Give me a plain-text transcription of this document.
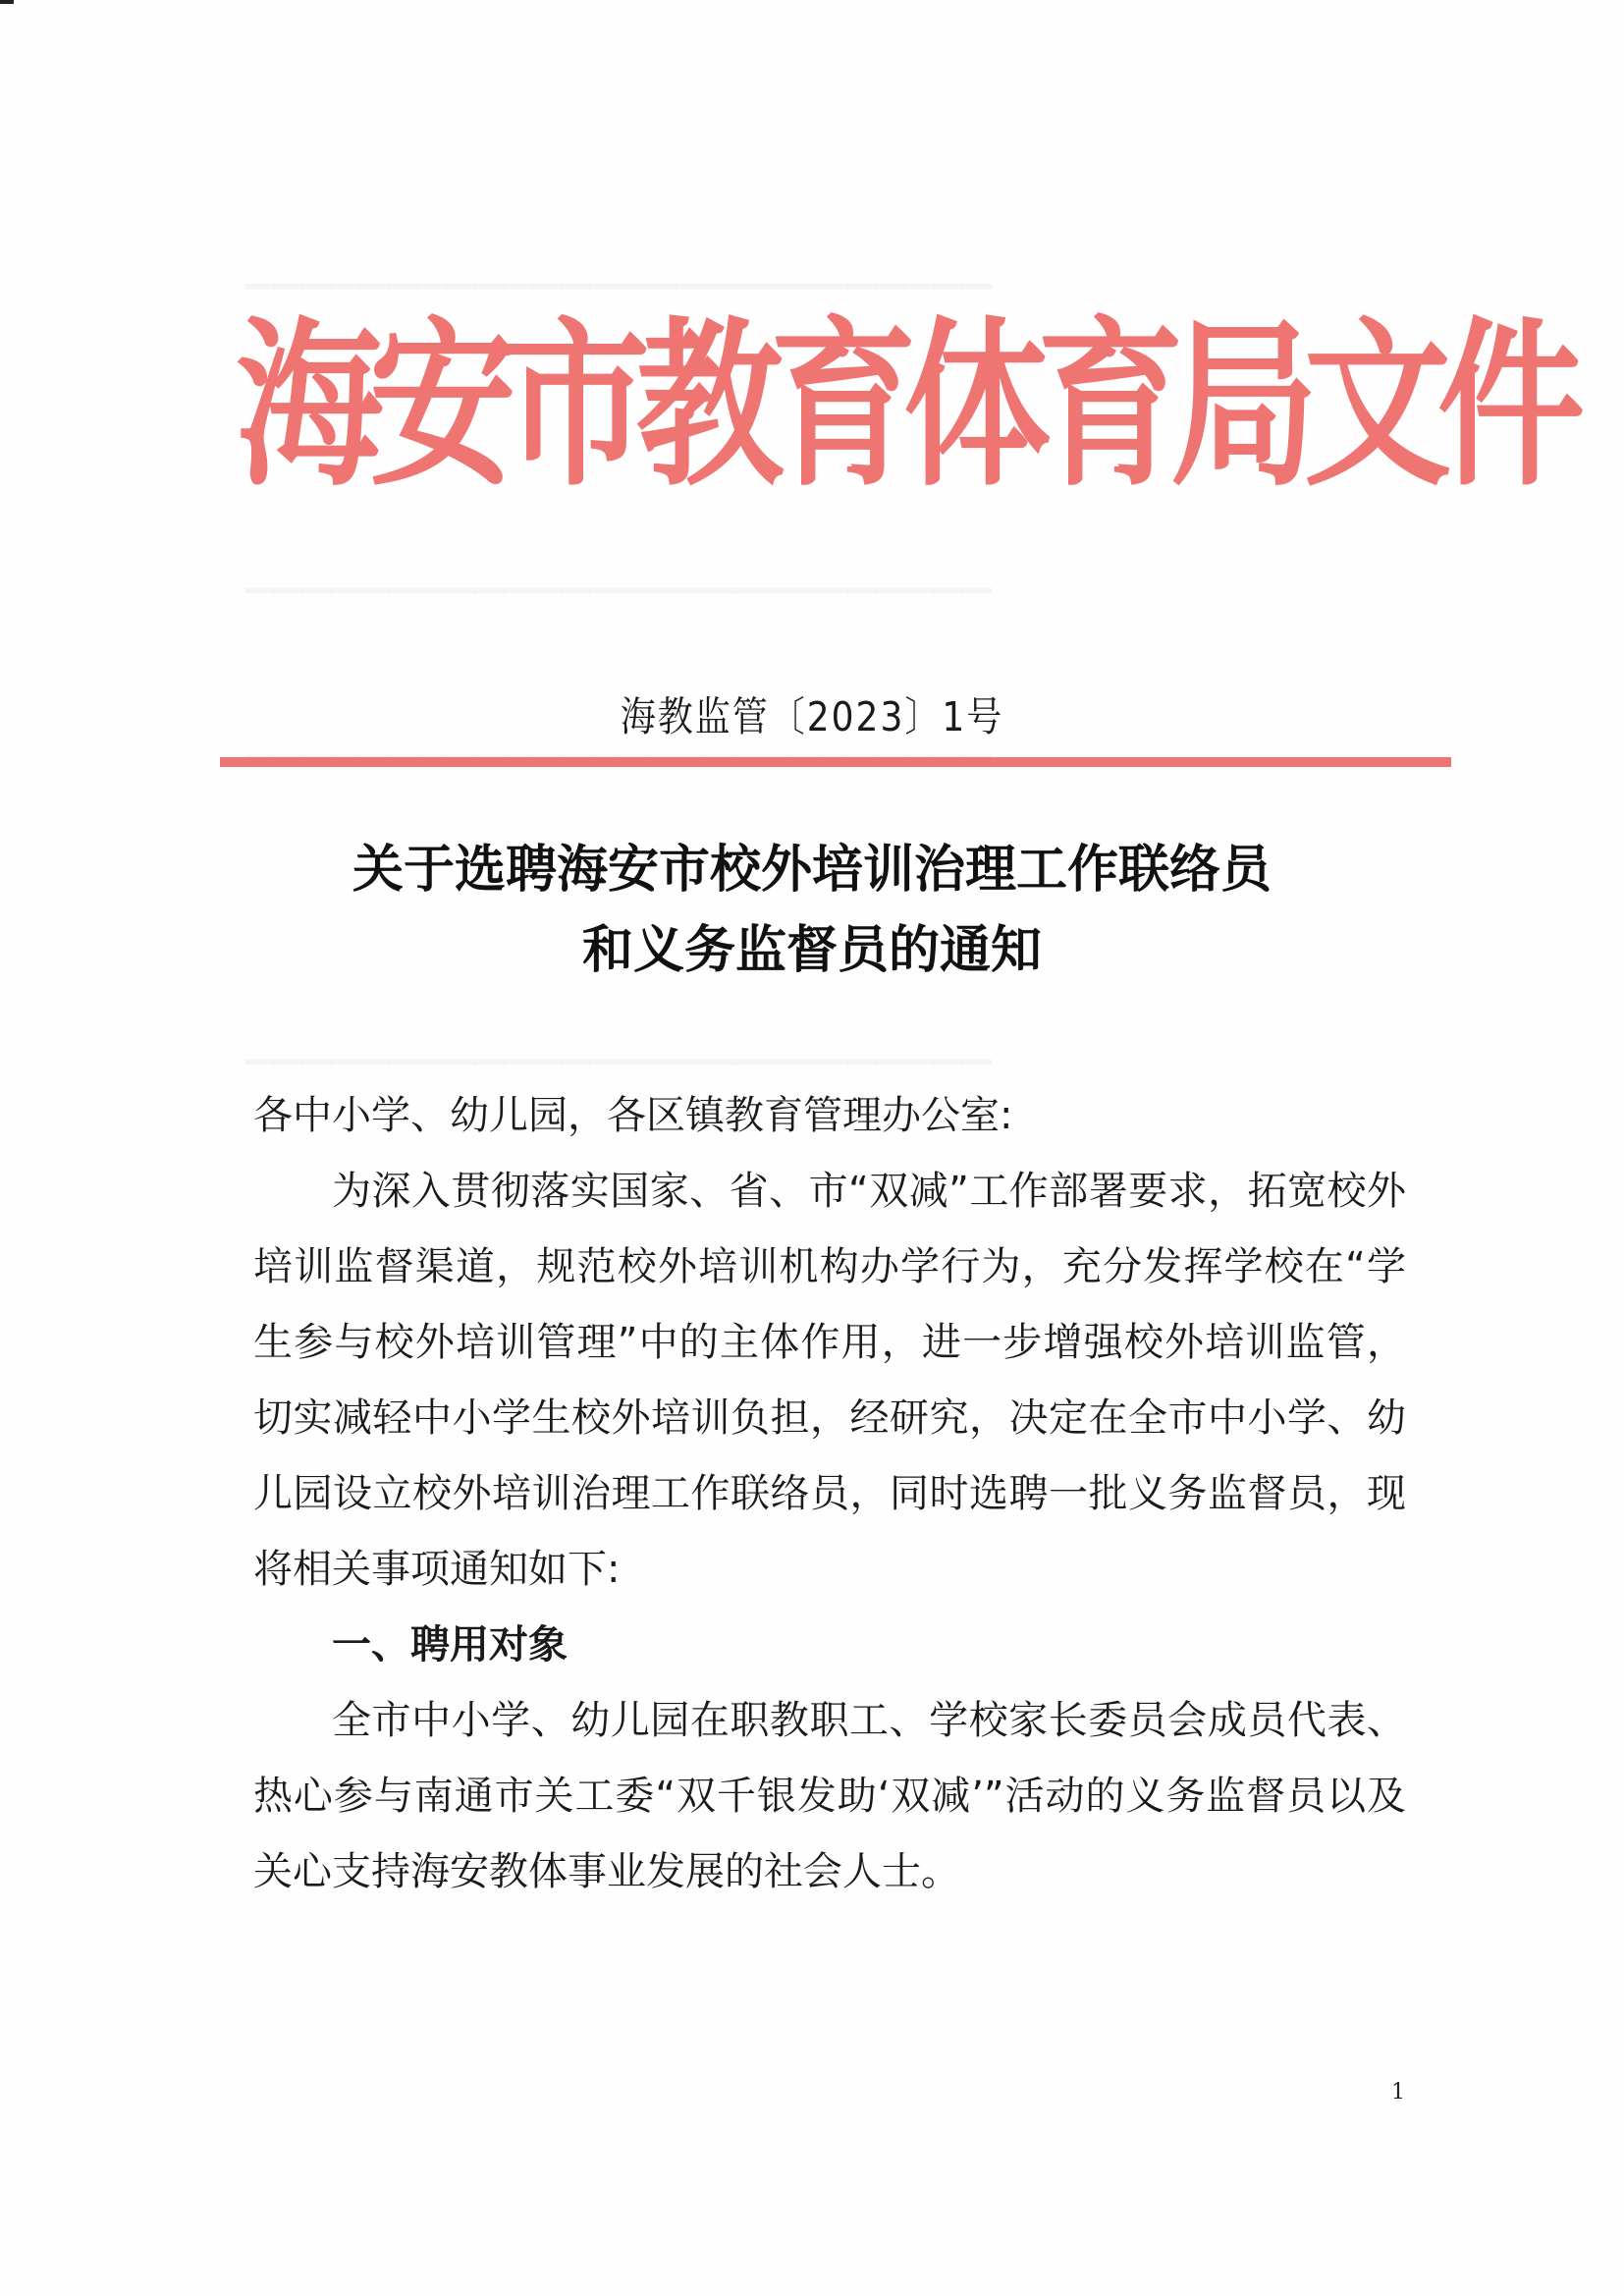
海
安
市
教
育
体
育
局
文
件
海教监管〔2023〕1号
关于选聘海安市校外培训治理工作联络员
和义务监督员的通知

各中小学、幼儿园，各区镇教育管理办公室:

为深入贯彻落实国家、省、市“双减”工作部署要求，拓宽校外培训监督渠道，规范校外培训机构办学行为，充分发挥学校在“学生参与校外培训管理”中的主体作用，进一步增强校外培训监管，切实减轻中小学生校外培训负担，经研究，决定在全市中小学、幼儿园设立校外培训治理工作联络员，同时选聘一批义务监督员，现将相关事项通知如下:

一、聘用对象

全市中小学、幼儿园在职教职工、学校家长委员会成员代表、热心参与南通市关工委“双千银发助‘双减’”活动的义务监督员以及关心支持海安教体事业发展的社会人士。

1
